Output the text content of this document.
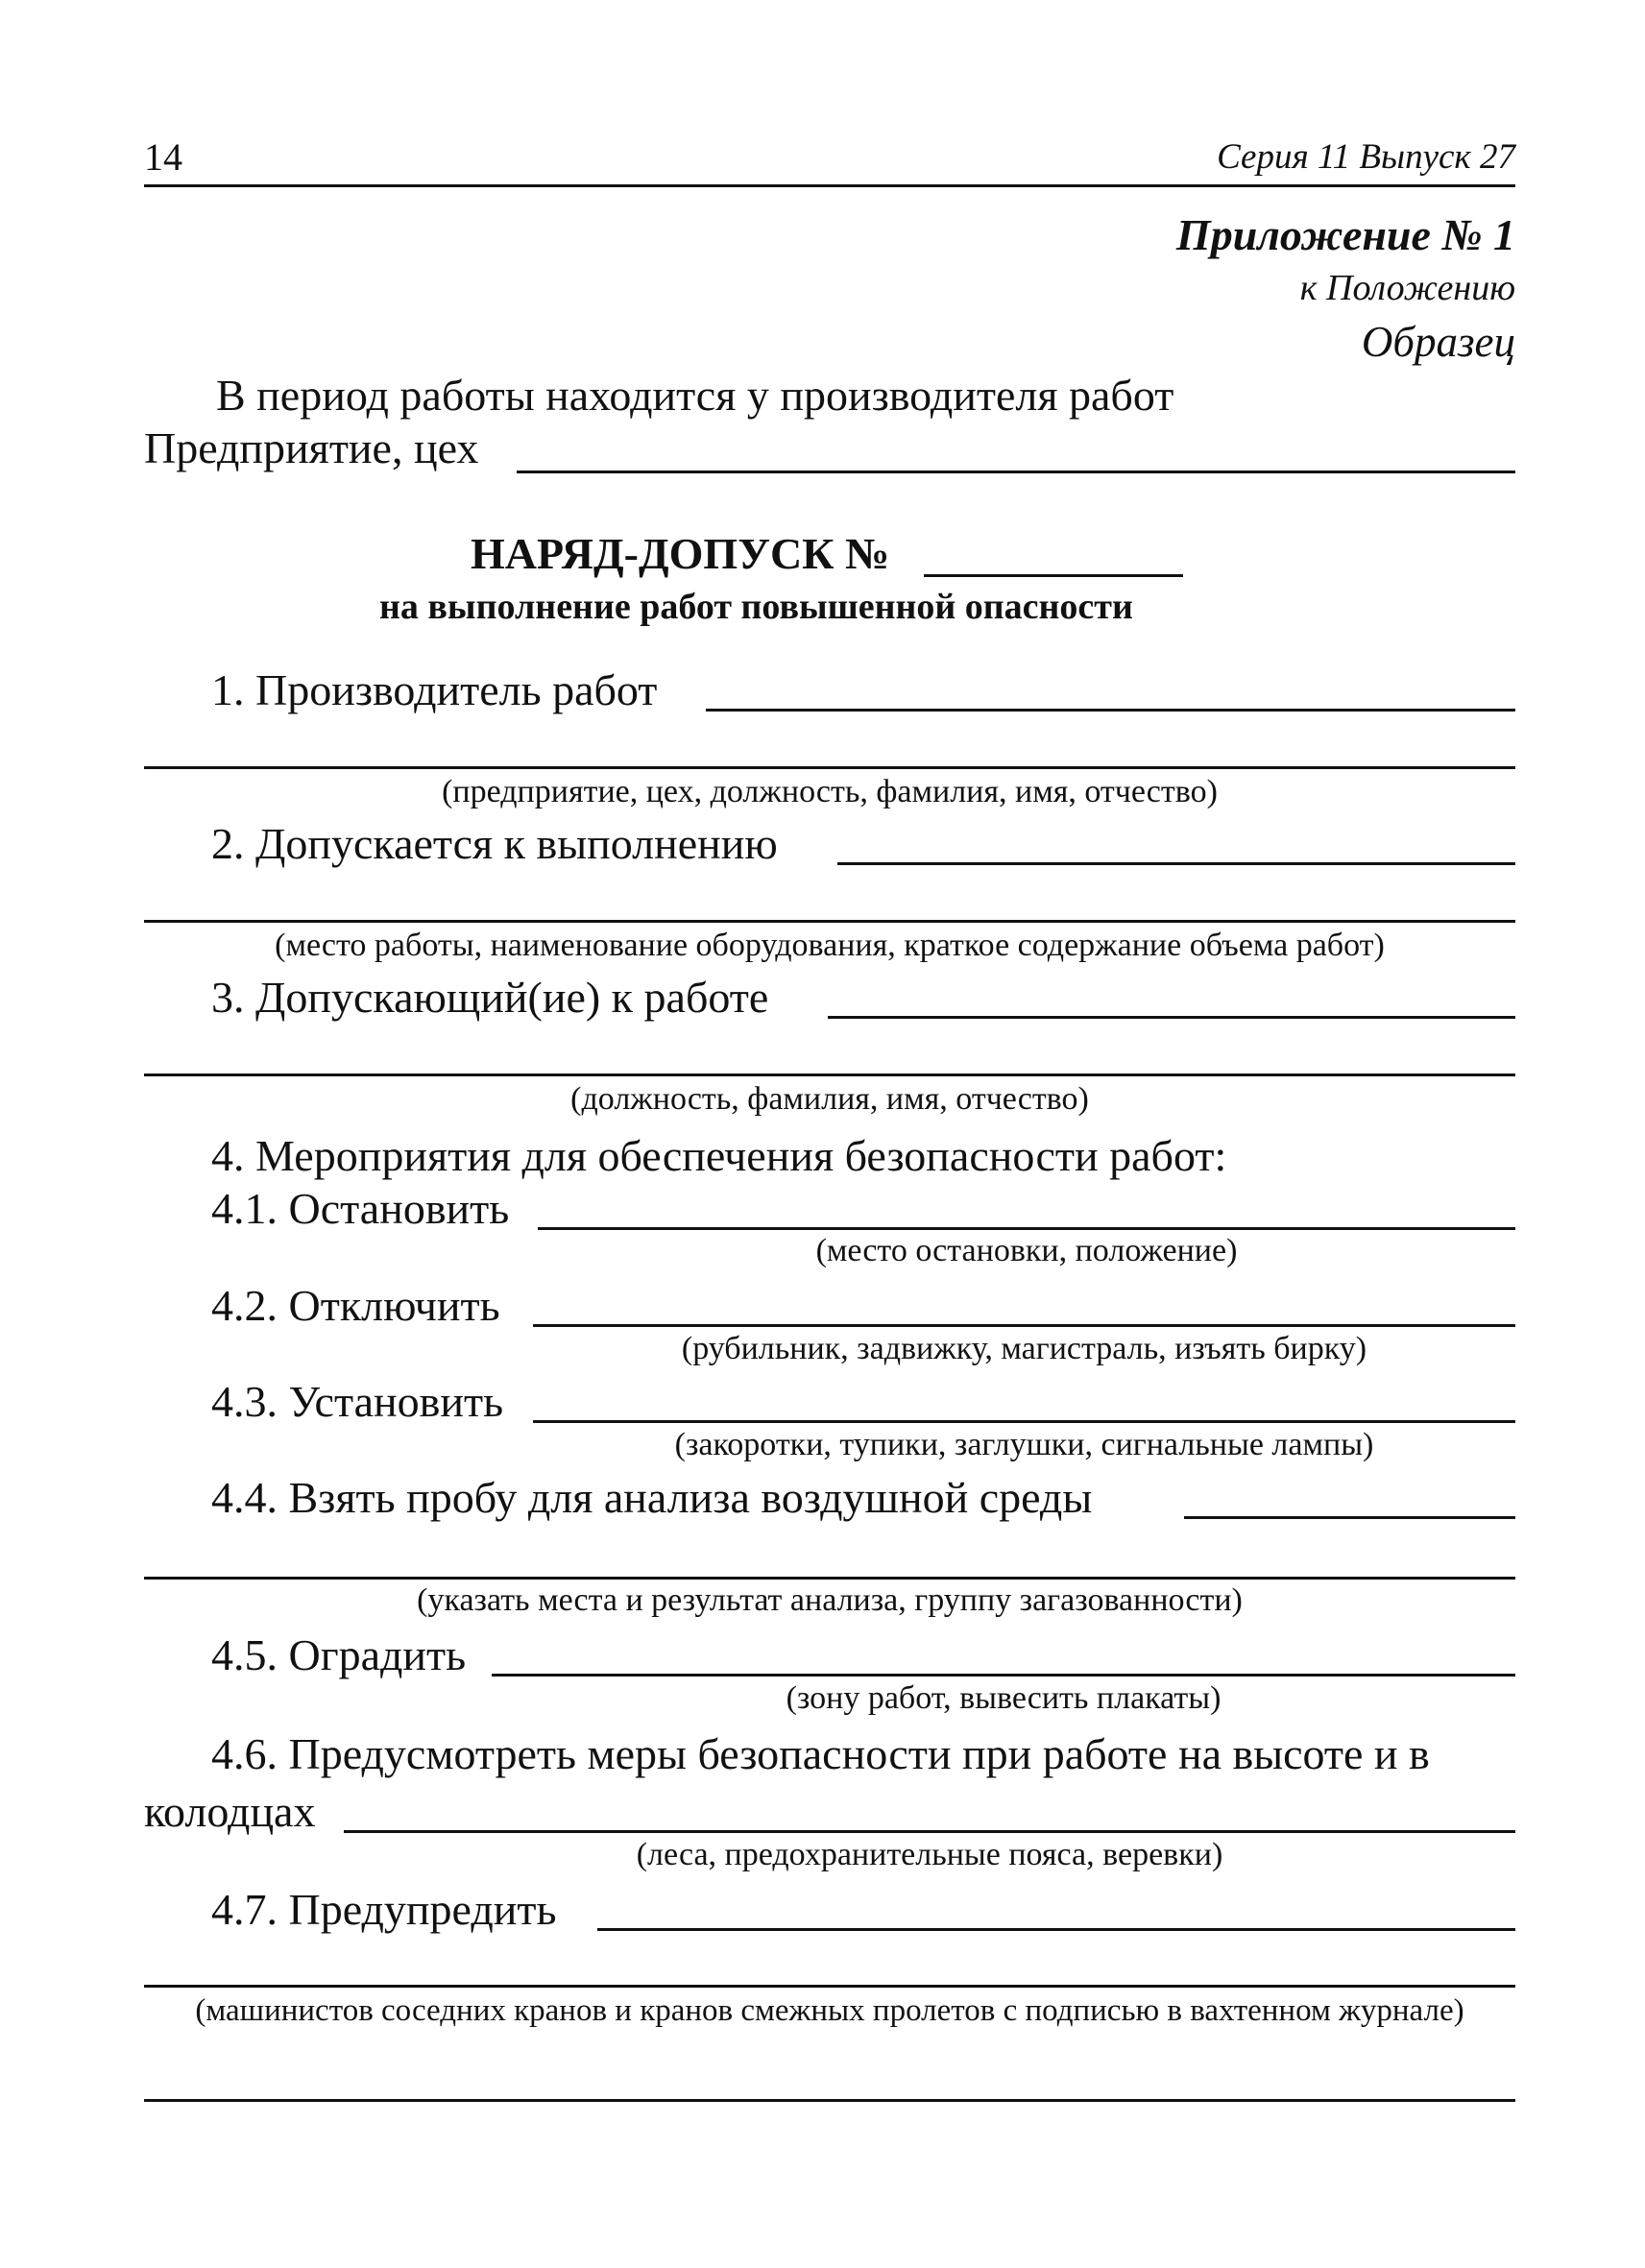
14	Серия 11 Выпуск 27
Приложение № 1
к Положению
Образец
В период работы находится у производителя работ
Предприятие, цех
НАРЯД-ДОПУСК №
на выполнение работ повышенной опасности
1. Производитель работ
(предприятие, цех, должность, фамилия, имя, отчество)
2. Допускается к выполнению
(место работы, наименование оборудования, краткое содержание объема работ)
3. Допускающий(ие) к работе
(должность, фамилия, имя, отчество)
4. Мероприятия для обеспечения безопасности работ:
4.1. Остановить
(место остановки, положение)
4.2. Отключить
(рубильник, задвижку, магистраль, изъять бирку)
4.3. Установить
(закоротки, тупики, заглушки, сигнальные лампы)
4.4. Взять пробу для анализа воздушной среды
(указать места и результат анализа, группу загазованности)
4.5. Оградить
(зону работ, вывесить плакаты)
4.6. Предусмотреть меры безопасности при работе на высоте и в
колодцах
(леса, предохранительные пояса, веревки)
4.7. Предупредить
(машинистов соседних кранов и кранов смежных пролетов с подписью в вахтенном журнале)
